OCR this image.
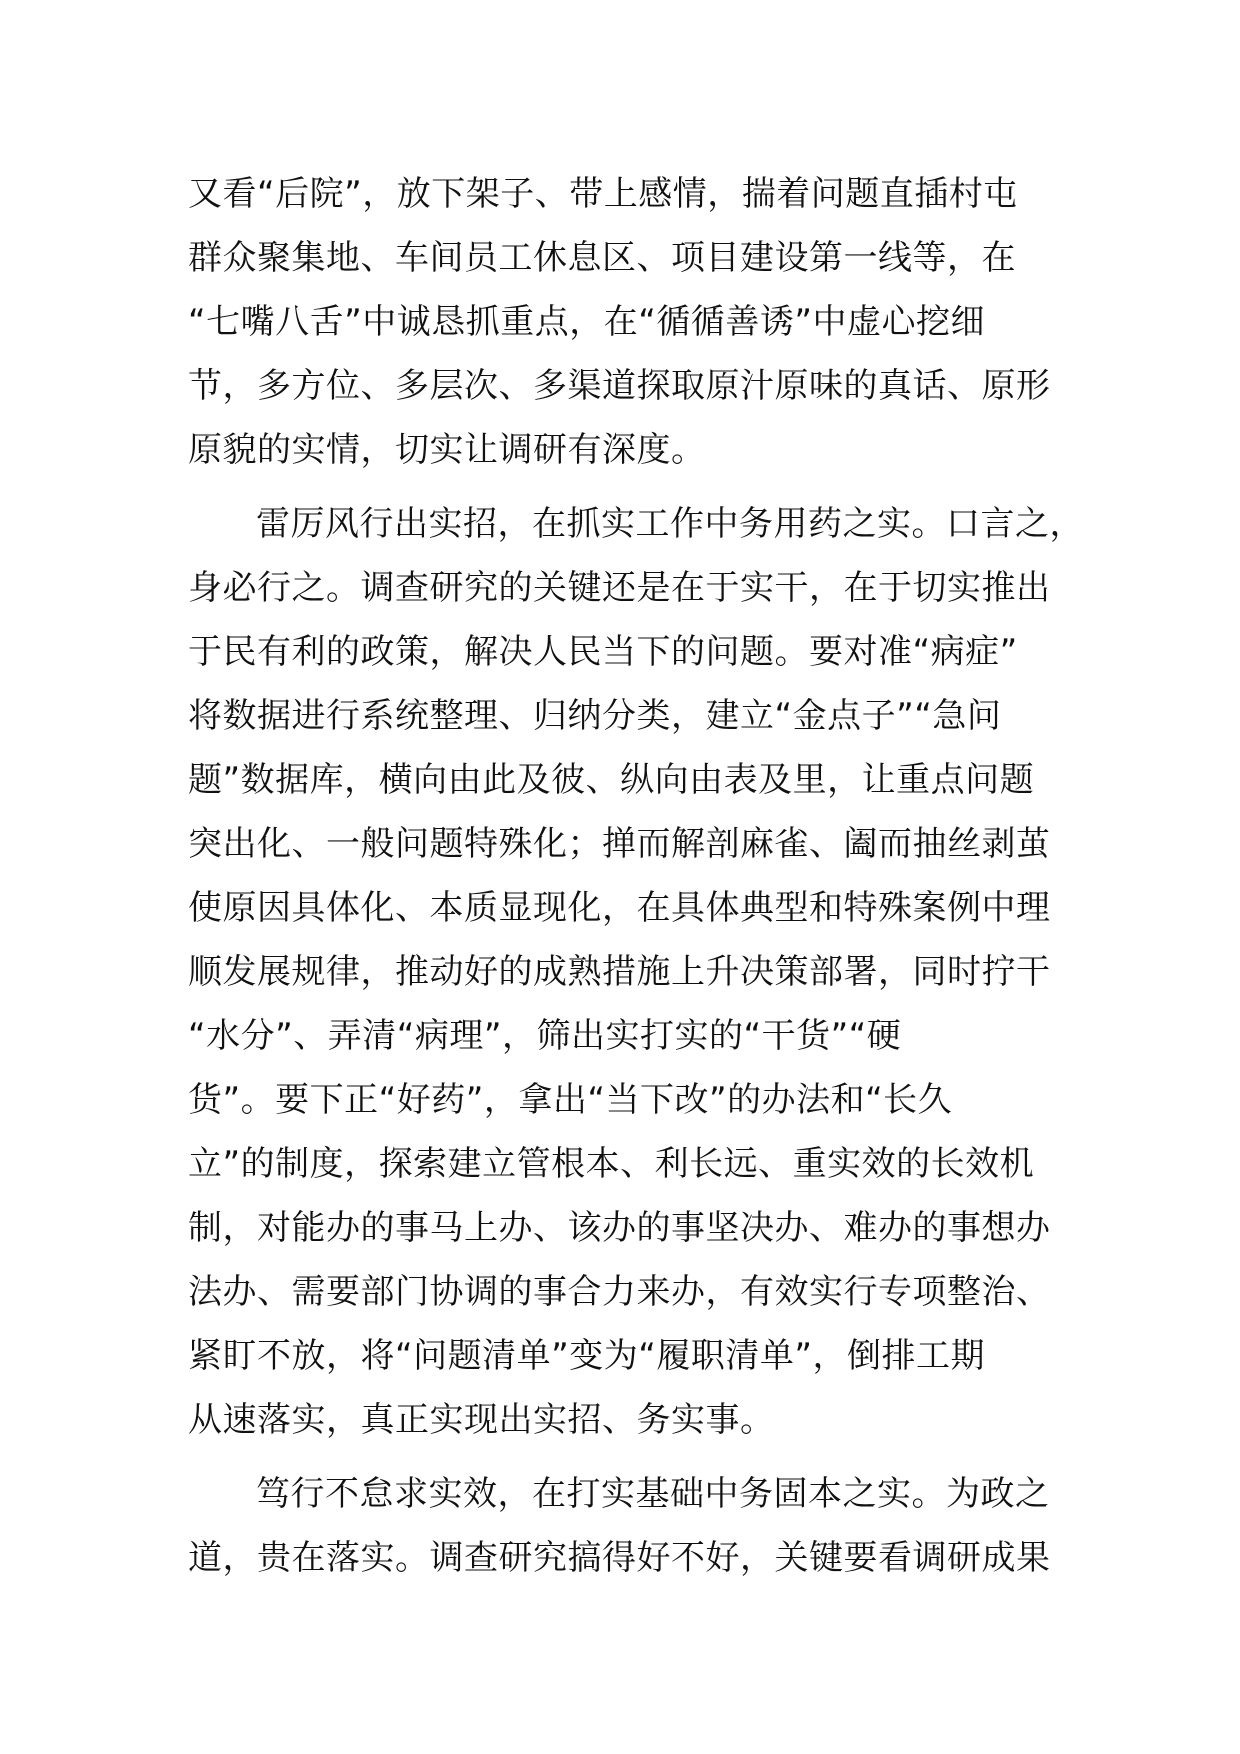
又看“后院”，放下架子、带上感情，揣着问题直插村屯
群众聚集地、车间员工休息区、项目建设第一线等，在
“七嘴八舌”中诚恳抓重点，在“循循善诱”中虚心挖细
节，多方位、多层次、多渠道探取原汁原味的真话、原形
原貌的实情，切实让调研有深度。
雷厉风行出实招，在抓实工作中务用药之实。口言之，
身必行之。调查研究的关键还是在于实干，在于切实推出
于民有利的政策，解决人民当下的问题。要对准“病症”
将数据进行系统整理、归纳分类，建立“金点子”“急问
题”数据库，横向由此及彼、纵向由表及里，让重点问题
突出化、一般问题特殊化；掸而解剖麻雀、阖而抽丝剥茧
使原因具体化、本质显现化，在具体典型和特殊案例中理
顺发展规律，推动好的成熟措施上升决策部署，同时拧干
“水分”、弄清“病理”，筛出实打实的“干货”“硬
货”。要下正“好药”，拿出“当下改”的办法和“长久
立”的制度，探索建立管根本、利长远、重实效的长效机
制，对能办的事马上办、该办的事坚决办、难办的事想办
法办、需要部门协调的事合力来办，有效实行专项整治、
紧盯不放，将“问题清单”变为“履职清单”，倒排工期
从速落实，真正实现出实招、务实事。
笃行不怠求实效，在打实基础中务固本之实。为政之
道，贵在落实。调查研究搞得好不好，关键要看调研成果
